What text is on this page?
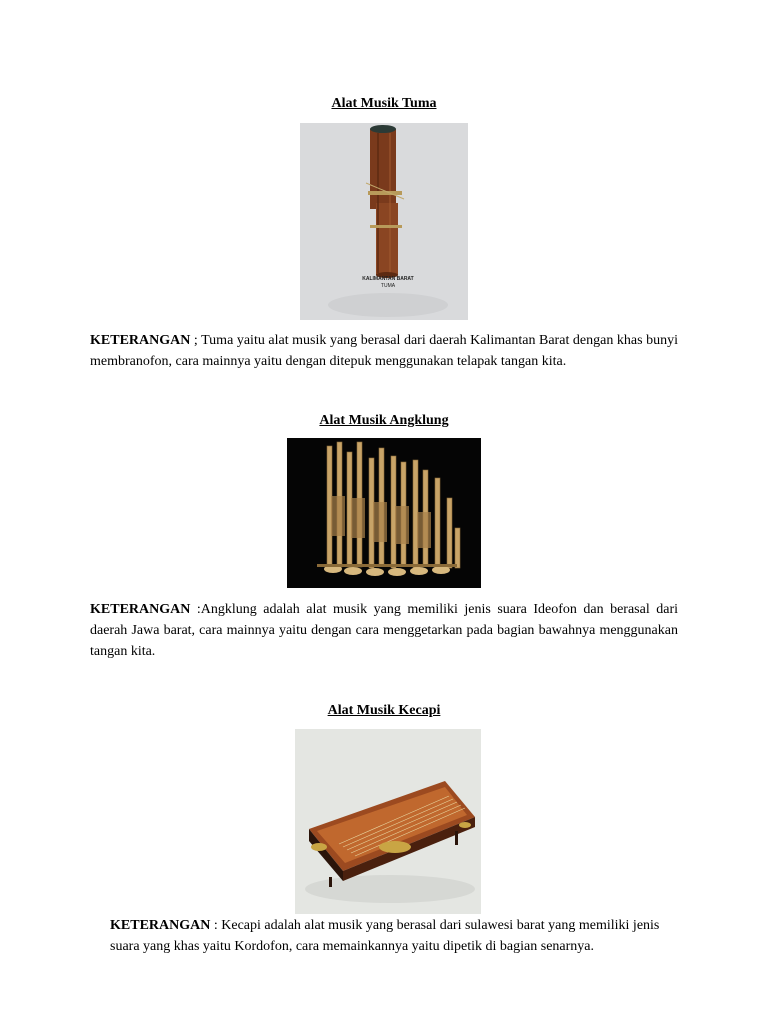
Alat Musik Tuma
KALIMANTAN BARAT
TUMA
KETERANGAN ; Tuma yaitu alat musik yang berasal dari daerah Kalimantan Barat dengan khas bunyi membranofon, cara mainnya yaitu dengan ditepuk menggunakan telapak tangan kita.
Alat Musik Angklung
KETERANGAN :Angklung adalah alat musik yang memiliki jenis suara Ideofon dan berasal dari daerah Jawa barat, cara mainnya yaitu dengan cara menggetarkan pada bagian bawahnya menggunakan tangan kita.
Alat Musik Kecapi
KETERANGAN : Kecapi adalah alat musik yang berasal dari sulawesi barat yang memiliki jenis suara yang khas yaitu Kordofon, cara memainkannya yaitu dipetik di bagian senarnya.
